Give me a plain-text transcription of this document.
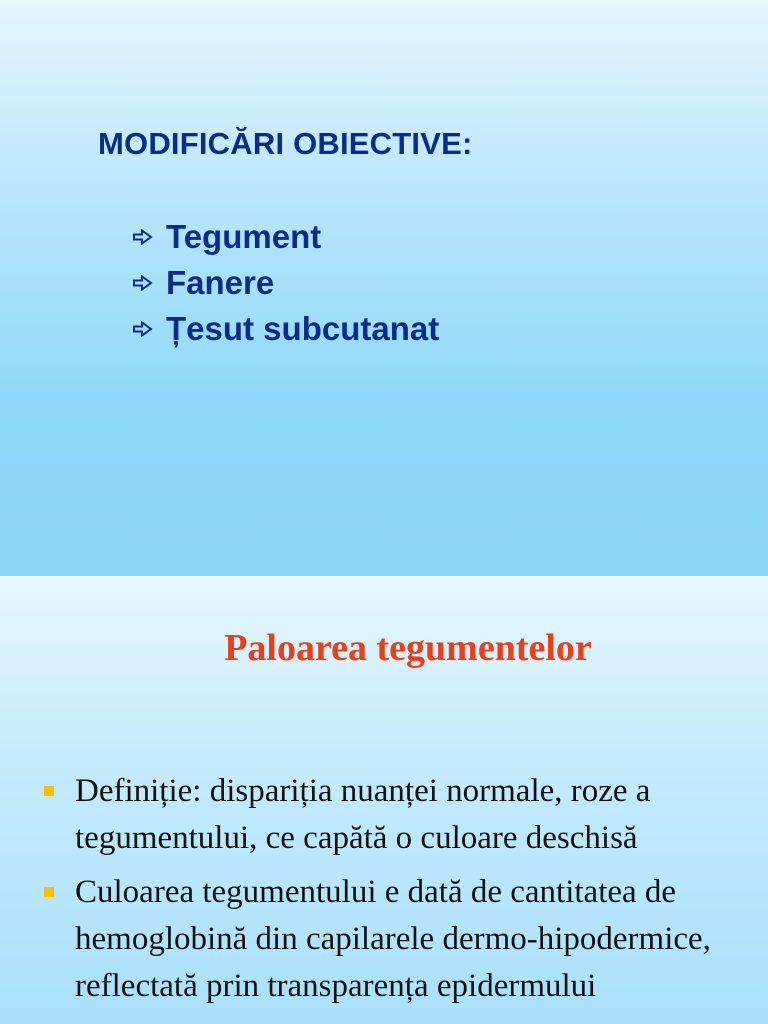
MODIFICĂRI OBIECTIVE:
Tegument
Fanere
Țesut subcutanat
Paloarea tegumentelor
Definiție: dispariția nuanței normale, roze a tegumentului, ce capătă o culoare deschisă
Culoarea tegumentului e dată de cantitatea de hemoglobină din capilarele dermo-hipodermice, reflectată prin transparența epidermului
